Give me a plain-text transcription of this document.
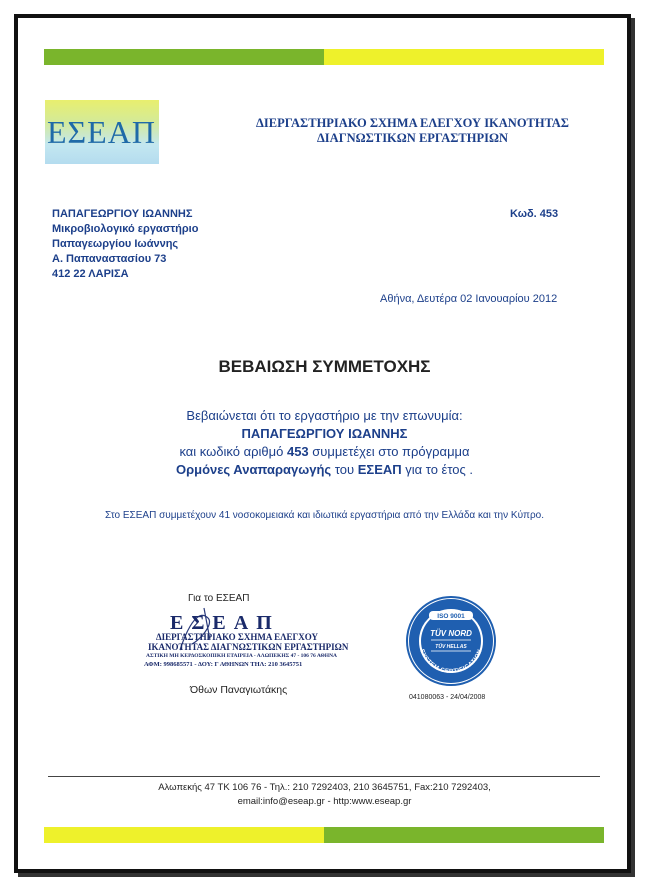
ΕΣΕΑΠ	ΔΙΕΡΓΑΣΤΗΡΙΑΚΟ ΣΧΗΜΑ ΕΛΕΓΧΟΥ ΙΚΑΝΟΤΗΤΑΣ
ΔΙΑΓΝΩΣΤΙΚΩΝ ΕΡΓΑΣΤΗΡΙΩΝ
ΠΑΠΑΓΕΩΡΓΙΟΥ ΙΩΑΝΝΗΣ
Μικροβιολογικό εργαστήριο
Παπαγεωργίου Ιωάννης
Α. Παπαναστασίου 73
412 22 ΛΑΡΙΣΑ
Κωδ. 453
Αθήνα, Δευτέρα 02 Ιανουαρίου 2012
ΒΕΒΑΙΩΣΗ ΣΥΜΜΕΤΟΧΗΣ
Βεβαιώνεται ότι το εργαστήριο με την επωνυμία:
ΠΑΠΑΓΕΩΡΓΙΟΥ ΙΩΑΝΝΗΣ
και κωδικό αριθμό 453 συμμετέχει στο πρόγραμμα
Ορμόνες Αναπαραγωγής του ΕΣΕΑΠ για το έτος .
Στο ΕΣΕΑΠ συμμετέχουν 41 νοσοκομειακά και ιδιωτικά εργαστήρια από την Ελλάδα και την Κύπρο.
Για το ΕΣΕΑΠ
ΕΣΕΑΠ
ΔΙΕΡΓΑΣΤΗΡΙΑΚΟ ΣΧΗΜΑ ΕΛΕΓΧΟΥ
ΙΚΑΝΟΤΗΤΑΣ ΔΙΑΓΝΩΣΤΙΚΩΝ ΕΡΓΑΣΤΗΡΙΩΝ
ΑΣΤΙΚΗ ΜΗ ΚΕΡΔΟΣΚΟΠΙΚΗ ΕΤΑΙΡΕΙΑ - ΑΛΩΠΕΚΗΣ 47 - 106 76 ΑΘΗΝΑ
ΑΦΜ: 998685571 - ΔΟΥ: Γ ΑΘΗΝΩΝ ΤΗΛ: 210 3645751
Όθων Παναγιωτάκης
ISO 9001
TÜV NORD
TÜV HELLAS
SYSTEM CERTIFICATION
041080063 - 24/04/2008
Αλωπεκής 47 ΤΚ 106 76 - Τηλ.: 210 7292403, 210 3645751, Fax:210 7292403,
email:info@eseap.gr - http:www.eseap.gr
